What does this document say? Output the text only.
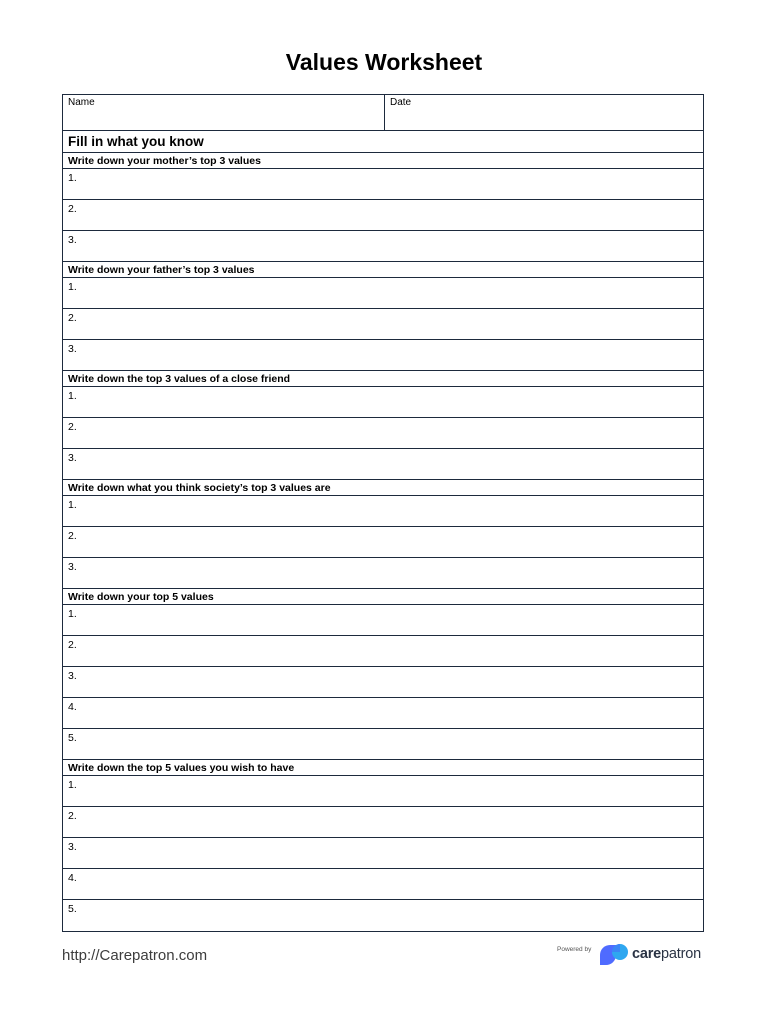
Values Worksheet
Name	Date
Fill in what you know
Write down your mother’s top 3 values
1.
2.
3.
Write down your father’s top 3 values
1.
2.
3.
Write down the top 3 values of a close friend
1.
2.
3.
Write down what you think society’s top 3 values are
1.
2.
3.
Write down your top 5 values
1.
2.
3.
4.
5.
Write down the top 5 values you wish to have
1.
2.
3.
4.
5.
http://Carepatron.com	Powered by	carepatron
